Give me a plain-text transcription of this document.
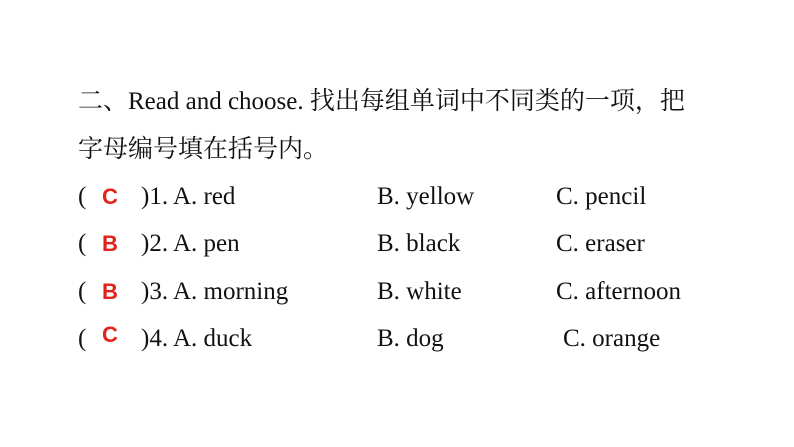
二、Read and choose. 找出每组单词中不同类的一项，把
字母编号填在括号内。
( C )1. A. red	B. yellow	C. pencil
( B )2. A. pen	B. black	C. eraser
( B )3. A. morning	B. white	C. afternoon
( C )4. A. duck	B. dog	C. orange
